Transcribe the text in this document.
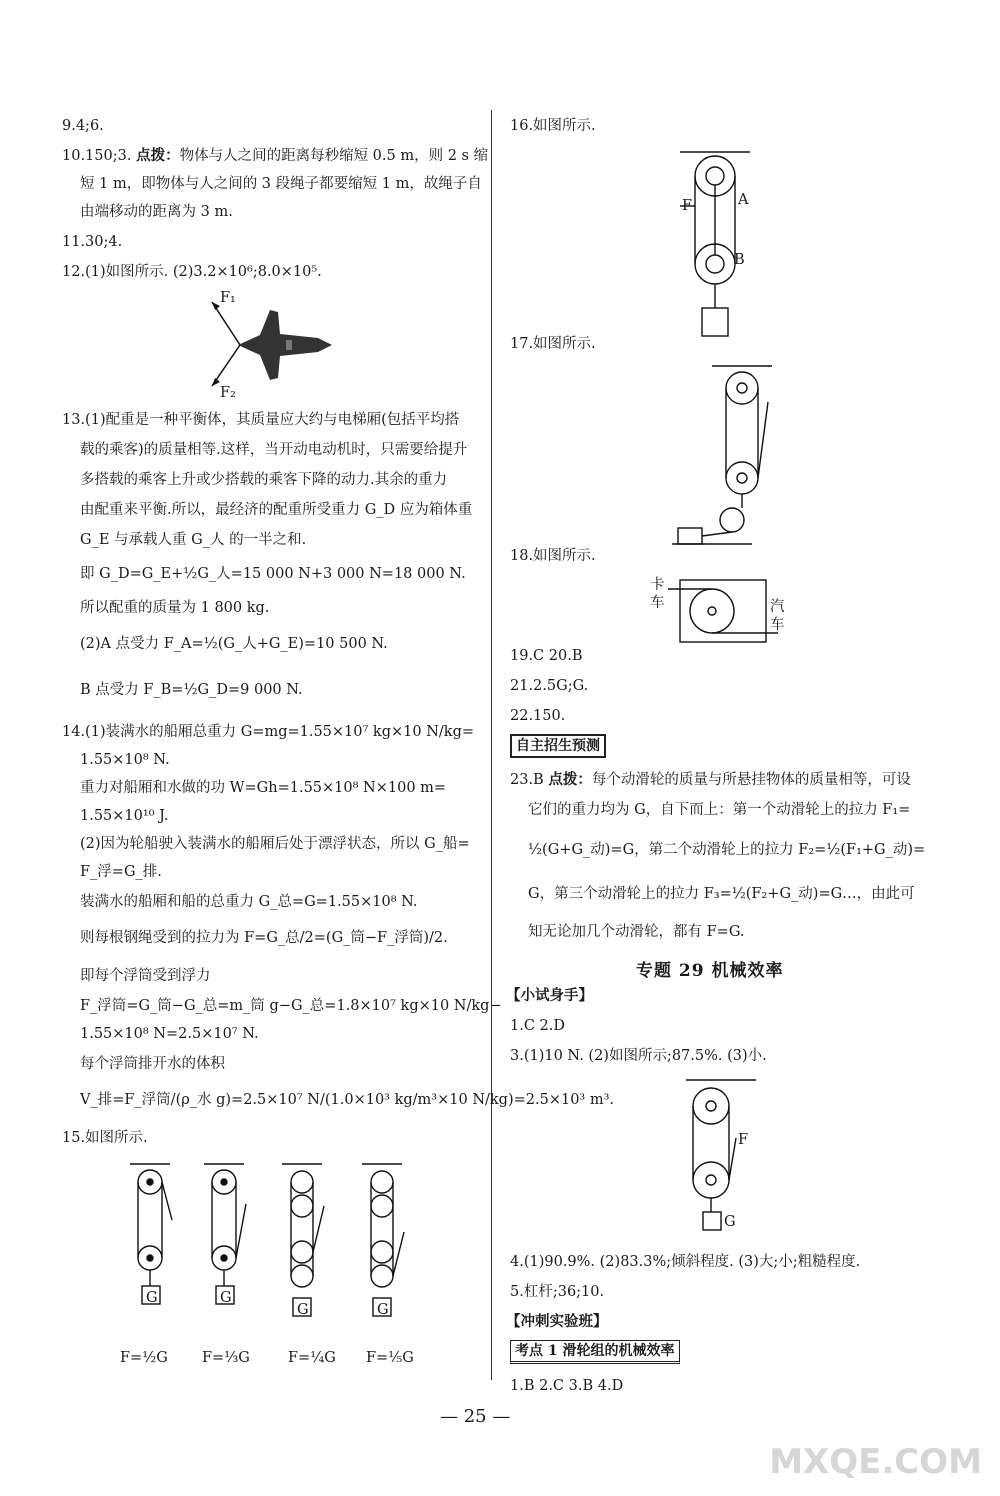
9.4;6.
10.150;3. 点拨：物体与人之间的距离每秒缩短 0.5 m，则 2 s 缩
短 1 m，即物体与人之间的 3 段绳子都要缩短 1 m，故绳子自
由端移动的距离为 3 m.
11.30;4.
12.(1)如图所示. (2)3.2×10⁶;8.0×10⁵.
F₁
F₂
13.(1)配重是一种平衡体，其质量应大约与电梯厢(包括平均搭
载的乘客)的质量相等.这样，当开动电动机时，只需要给提升
多搭载的乘客上升或少搭载的乘客下降的动力.其余的重力
由配重来平衡.所以，最经济的配重所受重力 G_D 应为箱体重
G_E 与承载人重 G_人 的一半之和.
即 G_D=G_E+½G_人=15 000 N+3 000 N=18 000 N.
所以配重的质量为 1 800 kg.
(2)A 点受力 F_A=½(G_人+G_E)=10 500 N.
B 点受力 F_B=½G_D=9 000 N.
14.(1)装满水的船厢总重力 G=mg=1.55×10⁷ kg×10 N/kg=
1.55×10⁸ N.
重力对船厢和水做的功 W=Gh=1.55×10⁸ N×100 m=
1.55×10¹⁰ J.
(2)因为轮船驶入装满水的船厢后处于漂浮状态，所以 G_船=
F_浮=G_排.
装满水的船厢和船的总重力 G_总=G=1.55×10⁸ N.
则每根钢绳受到的拉力为 F=G_总/2=(G_筒−F_浮筒)/2.
即每个浮筒受到浮力
F_浮筒=G_筒−G_总=m_筒 g−G_总=1.8×10⁷ kg×10 N/kg−
1.55×10⁸ N=2.5×10⁷ N.
每个浮筒排开水的体积
V_排=F_浮筒/(ρ_水 g)=2.5×10⁷ N/(1.0×10³ kg/m³×10 N/kg)=2.5×10³ m³.
15.如图所示.
G	G
G	G
F=½G F=⅓G	F=¼G F=⅕G
16.如图所示.
F	A
B
17.如图所示.
18.如图所示.
卡车	汽车
19.C 20.B
21.2.5G;G.
22.150.
自主招生预测
23.B 点拨：每个动滑轮的质量与所悬挂物体的质量相等，可设
它们的重力均为 G，自下而上：第一个动滑轮上的拉力 F₁=
½(G+G_动)=G，第二个动滑轮上的拉力 F₂=½(F₁+G_动)=
G，第三个动滑轮上的拉力 F₃=½(F₂+G_动)=G…，由此可
知无论加几个动滑轮，都有 F=G.
专题 29 机械效率
【小试身手】
1.C 2.D
3.(1)10 N. (2)如图所示;87.5%. (3)小.
F
G
4.(1)90.9%. (2)83.3%;倾斜程度. (3)大;小;粗糙程度.
5.杠杆;36;10.
【冲刺实验班】
考点 1 滑轮组的机械效率
1.B 2.C 3.B 4.D
— 25 —
MXQE.COM
